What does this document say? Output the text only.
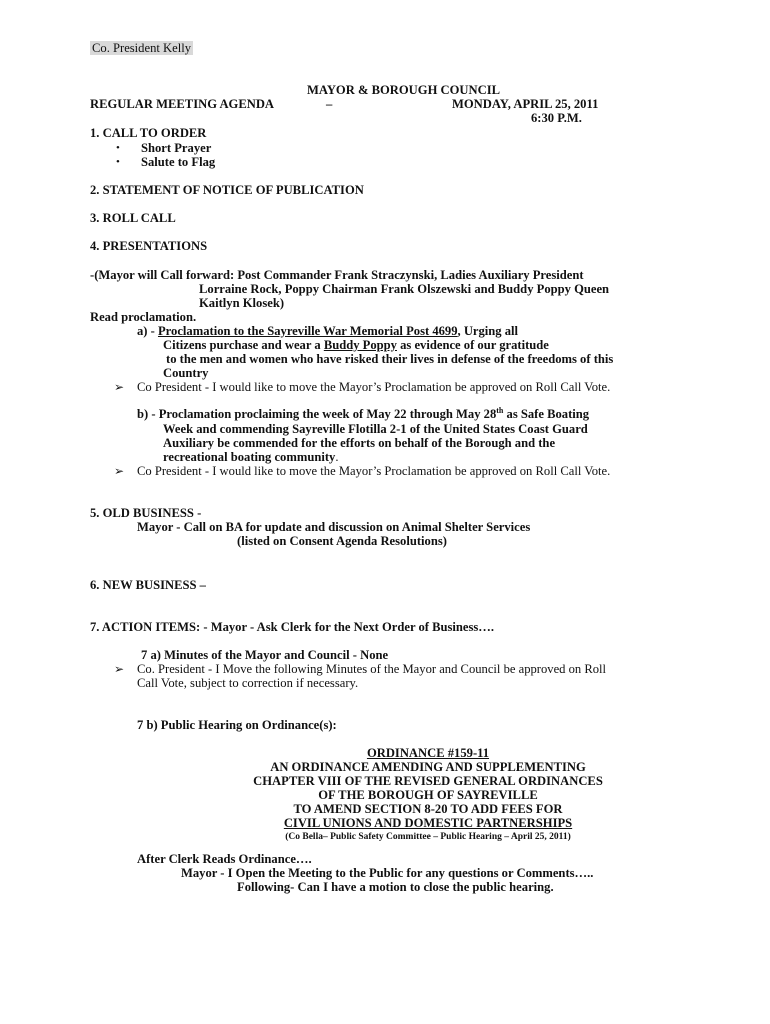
Co. President Kelly
MAYOR & BOROUGH COUNCIL
REGULAR MEETING AGENDA	–	MONDAY, APRIL 25, 2011
6:30 P.M.
1. CALL TO ORDER
• Short Prayer
• Salute to Flag
2. STATEMENT OF NOTICE OF PUBLICATION
3. ROLL CALL
4. PRESENTATIONS
-(Mayor will Call forward: Post Commander Frank Straczynski, Ladies Auxiliary President
Lorraine Rock, Poppy Chairman Frank Olszewski and Buddy Poppy Queen
Kaitlyn Klosek)
Read proclamation.
a) - Proclamation to the Sayreville War Memorial Post 4699, Urging all
Citizens purchase and wear a Buddy Poppy as evidence of our gratitude
to the men and women who have risked their lives in defense of the freedoms of this
Country
➢ Co President - I would like to move the Mayor’s Proclamation be approved on Roll Call Vote.
b) - Proclamation proclaiming the week of May 22 through May 28th as Safe Boating
Week and commending Sayreville Flotilla 2-1 of the United States Coast Guard
Auxiliary be commended for the efforts on behalf of the Borough and the
recreational boating community.
➢ Co President - I would like to move the Mayor’s Proclamation be approved on Roll Call Vote.
5. OLD BUSINESS -
Mayor - Call on BA for update and discussion on Animal Shelter Services
(listed on Consent Agenda Resolutions)
6. NEW BUSINESS –
7. ACTION ITEMS: - Mayor - Ask Clerk for the Next Order of Business….
7 a) Minutes of the Mayor and Council - None
➢ Co. President - I Move the following Minutes of the Mayor and Council be approved on Roll
Call Vote, subject to correction if necessary.
7 b) Public Hearing on Ordinance(s):
ORDINANCE #159-11
AN ORDINANCE AMENDING AND SUPPLEMENTING
CHAPTER VIII OF THE REVISED GENERAL ORDINANCES
OF THE BOROUGH OF SAYREVILLE
TO AMEND SECTION 8-20 TO ADD FEES FOR
CIVIL UNIONS AND DOMESTIC PARTNERSHIPS
(Co Bella– Public Safety Committee – Public Hearing – April 25, 2011)
After Clerk Reads Ordinance….
Mayor - I Open the Meeting to the Public for any questions or Comments…..
Following- Can I have a motion to close the public hearing.
